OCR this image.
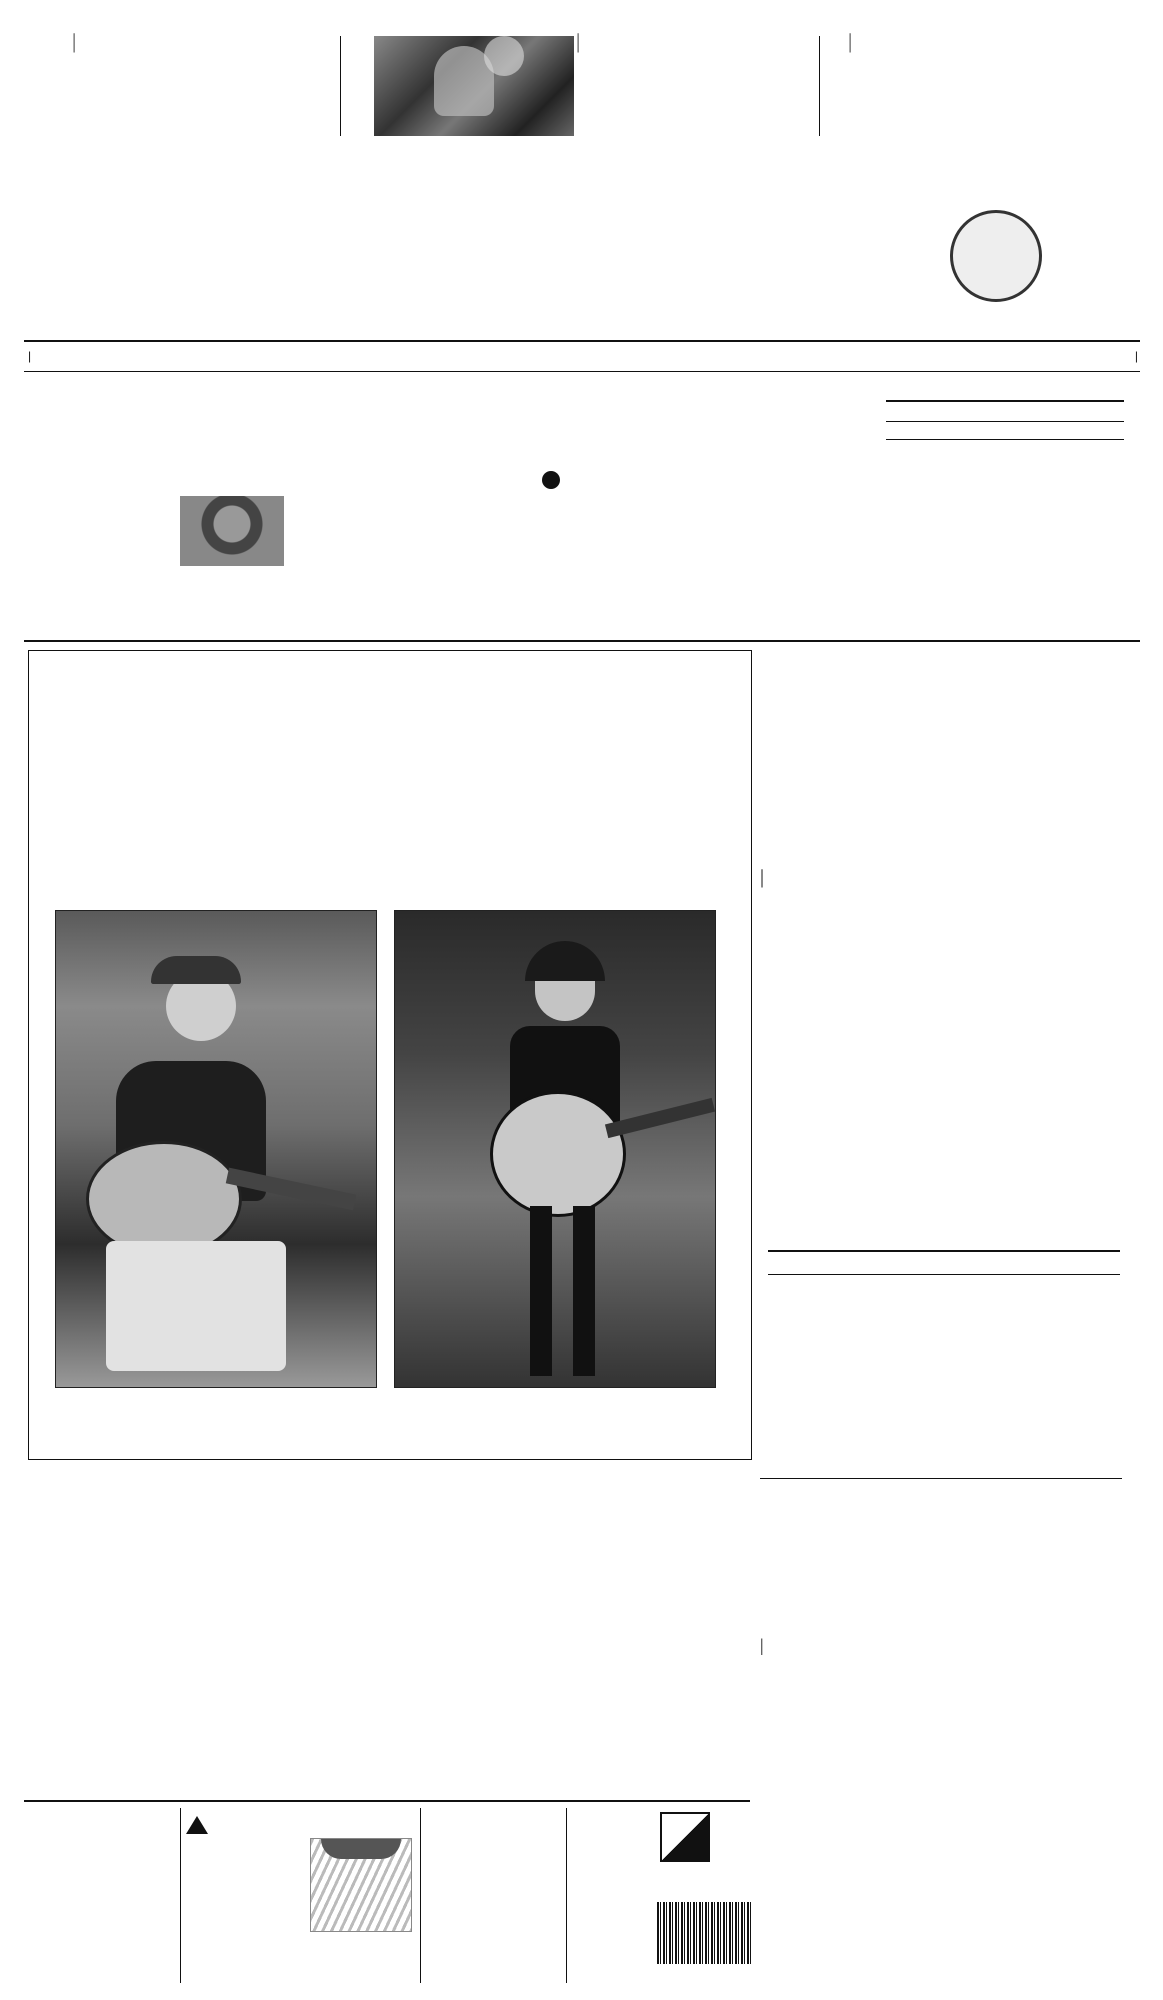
|	|	|
|	|

|

|
